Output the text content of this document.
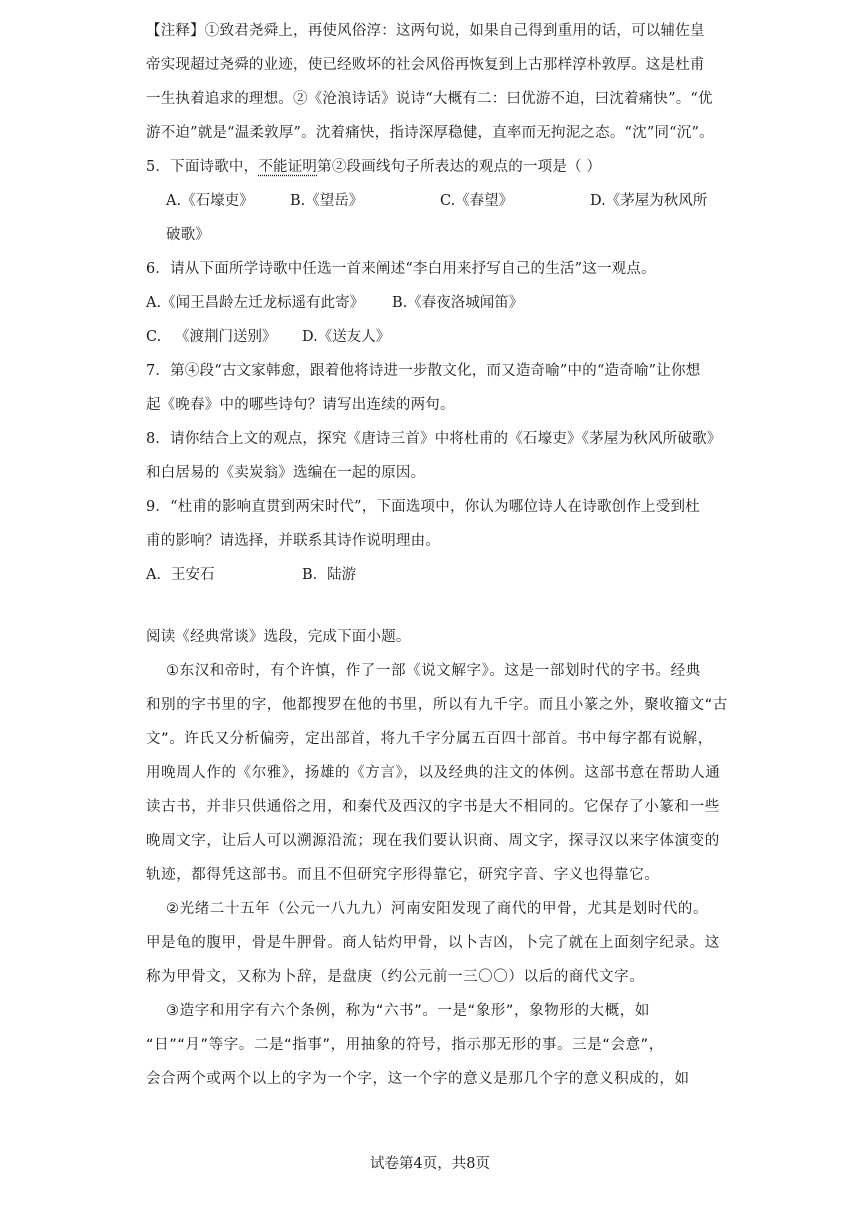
【注释】①致君尧舜上，再使风俗淳：这两句说，如果自己得到重用的话，可以辅佐皇
帝实现超过尧舜的业迹，使已经败坏的社会风俗再恢复到上古那样淳朴敦厚。这是杜甫
一生执着追求的理想。②《沧浪诗话》说诗“大概有二：曰优游不迫，曰沈着痛快”。“优
游不迫”就是“温柔敦厚”。沈着痛快，指诗深厚稳健，直率而无拘泥之态。“沈”同“沉”。
5．下面诗歌中，不能证明第②段画线句子所表达的观点的一项是（ ）
A.《石壕吏》	B.《望岳》	C.《春望》	D.《茅屋为秋风所
破歌》
6．请从下面所学诗歌中任选一首来阐述“李白用来抒写自己的生活”这一观点。
A.《闻王昌龄左迁龙标遥有此寄》	B.《春夜洛城闻笛》
C.   《渡荆门送别》	D.《送友人》
7．第④段“古文家韩愈，跟着他将诗进一步散文化，而又造奇喻”中的“造奇喻”让你想
起《晚春》中的哪些诗句？请写出连续的两句。
8．请你结合上文的观点，探究《唐诗三首》中将杜甫的《石壕吏》《茅屋为秋风所破歌》
和白居易的《卖炭翁》选编在一起的原因。
9．“杜甫的影响直贯到两宋时代”，下面选项中，你认为哪位诗人在诗歌创作上受到杜
甫的影响？请选择，并联系其诗作说明理由。
A．王安石	B．陆游
阅读《经典常谈》选段，完成下面小题。
①东汉和帝时，有个许慎，作了一部《说文解字》。这是一部划时代的字书。经典
和别的字书里的字，他都搜罗在他的书里，所以有九千字。而且小篆之外，聚收籀文“古
文”。许氏又分析偏旁，定出部首，将九千字分属五百四十部首。书中每字都有说解，
用晚周人作的《尔雅》，扬雄的《方言》，以及经典的注文的体例。这部书意在帮助人通
读古书，并非只供通俗之用，和秦代及西汉的字书是大不相同的。它保存了小篆和一些
晚周文字，让后人可以溯源沿流；现在我们要认识商、周文字，探寻汉以来字体演变的
轨迹，都得凭这部书。而且不但研究字形得靠它，研究字音、字义也得靠它。
②光绪二十五年（公元一八九九）河南安阳发现了商代的甲骨，尤其是划时代的。
甲是龟的腹甲，骨是牛胛骨。商人钻灼甲骨，以卜吉凶，卜完了就在上面刻字纪录。这
称为甲骨文，又称为卜辞，是盘庚（约公元前一三〇〇）以后的商代文字。
③造字和用字有六个条例，称为“六书”。一是“象形”，象物形的大概，如
“日”“月”等字。二是“指事”，用抽象的符号，指示那无形的事。三是“会意”，
会合两个或两个以上的字为一个字，这一个字的意义是那几个字的意义积成的，如
试卷第4页，共8页
